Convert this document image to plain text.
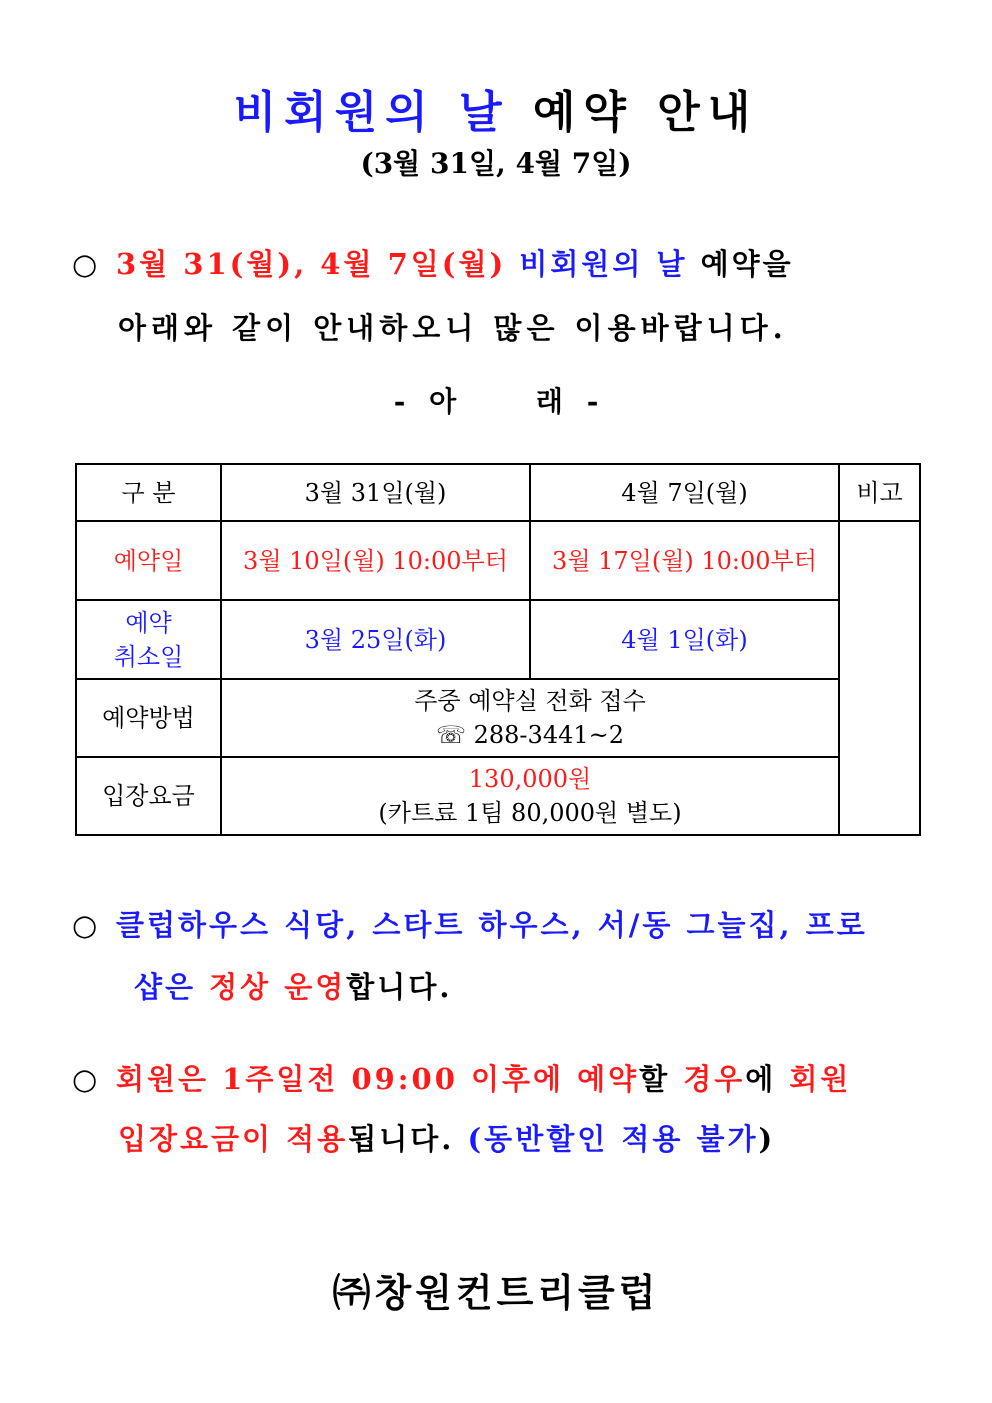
비회원의 날 예약 안내
(3월 31일, 4월 7일)
○ 3월 31(월), 4월 7일(월) 비회원의 날 예약을
아래와 같이 안내하오니 많은 이용바랍니다.
- 아	래 -
구 분	3월 31일(월)	4월 7일(월)	비고
예약일	3월 10일(월) 10:00부터	3월 17일(월) 10:00부터	

예약
취소일	3월 25일(화)	4월 1일(화)	
예약방법	주중 예약실 전화 접수
☏ 288-3441~2		

입장요금	130,000원
(카트료 1팀 80,000원 별도)		
○ 클럽하우스 식당, 스타트 하우스, 서/동 그늘집, 프로
샵은 정상 운영합니다.
○ 회원은 1주일전 09:00 이후에 예약할 경우에 회원
입장요금이 적용됩니다. (동반할인 적용 불가)
㈜창원컨트리클럽
